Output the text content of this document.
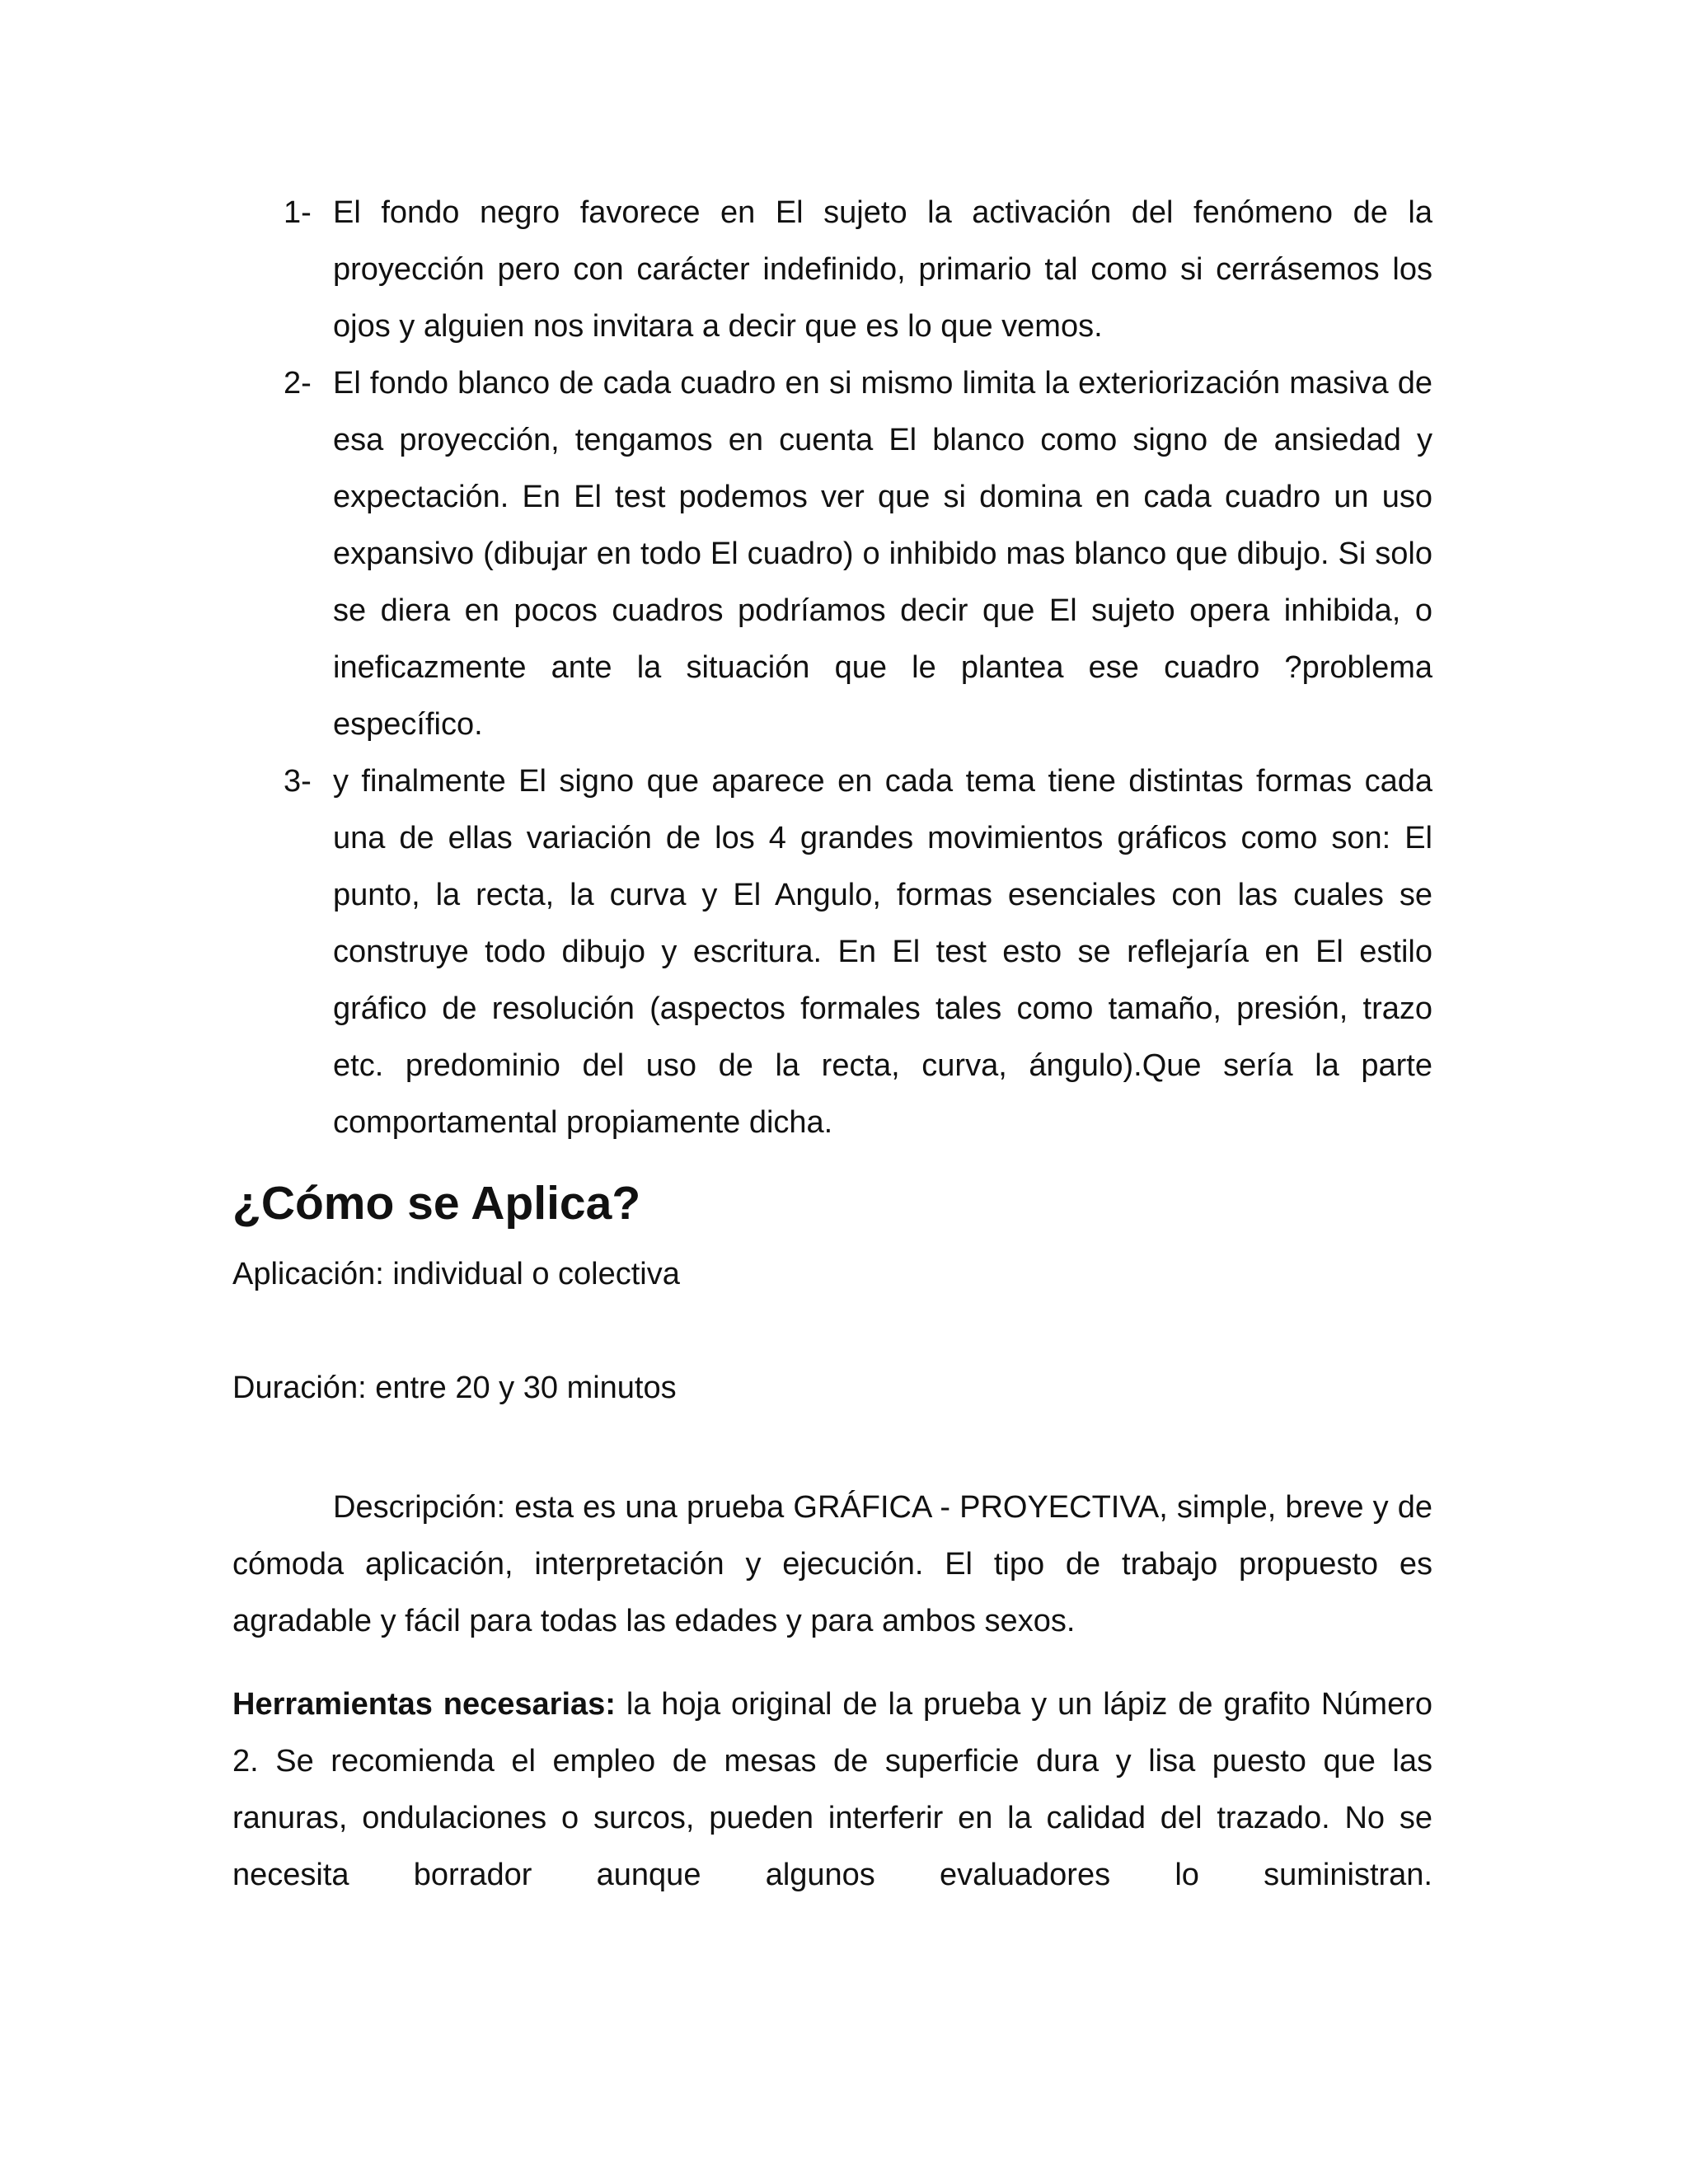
1- El fondo negro favorece en El sujeto la activación del fenómeno de la proyección pero con carácter indefinido, primario tal como si cerrásemos los ojos y alguien nos invitara a decir que es lo que vemos.
2- El fondo blanco de cada cuadro en si mismo limita la exteriorización masiva de esa proyección, tengamos en cuenta El blanco como signo de ansiedad y expectación. En El test podemos ver que si domina en cada cuadro un uso expansivo (dibujar en todo El cuadro) o inhibido mas blanco que dibujo. Si solo se diera en pocos cuadros podríamos decir que El sujeto opera inhibida, o ineficazmente ante la situación que le plantea ese cuadro ?problema específico.
3- y finalmente El signo que aparece en cada tema tiene distintas formas cada una de ellas variación de los 4 grandes movimientos gráficos como son: El punto, la recta, la curva y El Angulo, formas esenciales con las cuales se construye todo dibujo y escritura. En El test esto se reflejaría en El estilo gráfico de resolución (aspectos formales tales como tamaño, presión, trazo etc. predominio del uso de la recta, curva, ángulo).Que sería la parte comportamental propiamente dicha.
¿Cómo se Aplica?

Aplicación: individual o colectiva

Duración: entre 20 y 30 minutos

Descripción: esta es una prueba GRÁFICA - PROYECTIVA, simple, breve y de cómoda aplicación, interpretación y ejecución. El tipo de trabajo propuesto es agradable y fácil para todas las edades y para ambos sexos.

Herramientas necesarias: la hoja original de la prueba y un lápiz de grafito Número 2. Se recomienda el empleo de mesas de superficie dura y lisa puesto que las ranuras, ondulaciones o surcos, pueden interferir en la calidad del trazado. No se necesita borrador aunque algunos evaluadores lo suministran.
